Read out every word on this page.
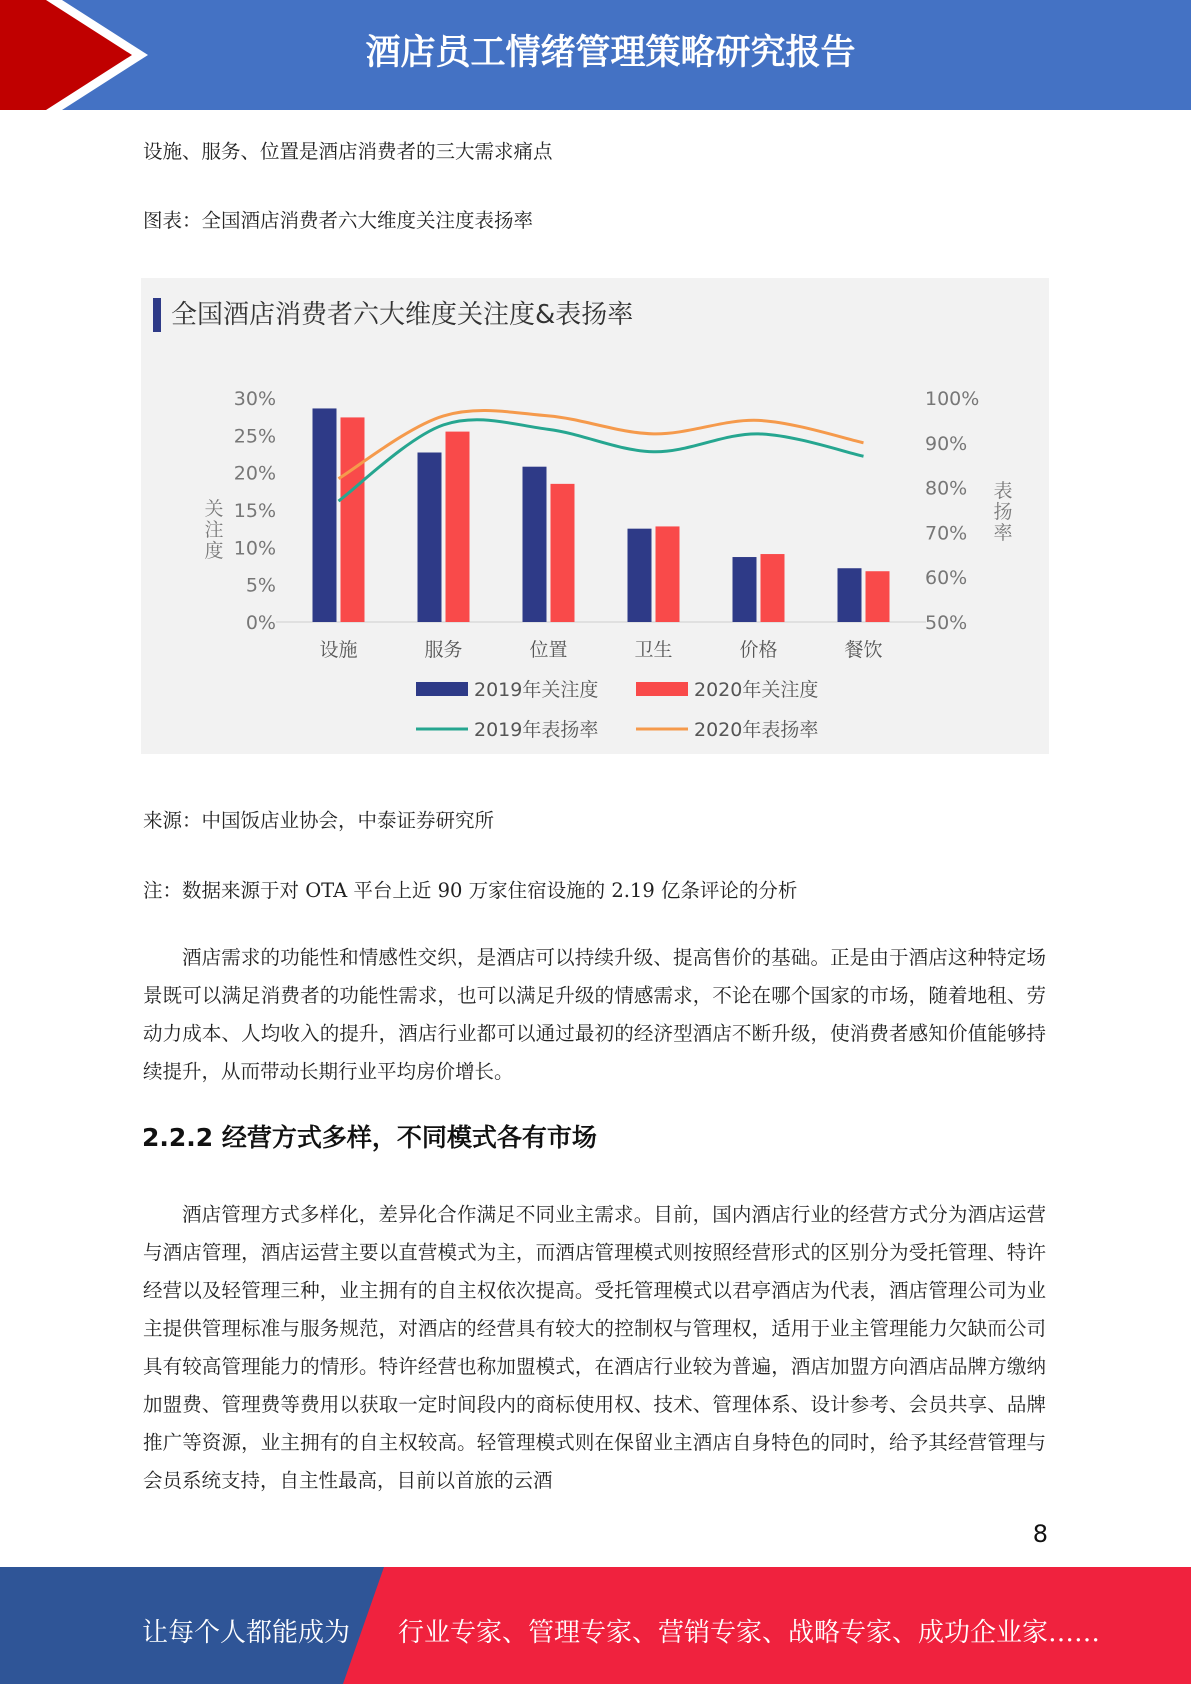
酒店员工情绪管理策略研究报告

设施、服务、位置是酒店消费者的三大需求痛点

图表：全国酒店消费者六大维度关注度表扬率

全国酒店消费者六大维度关注度&表扬率
0%
5%
10%
15%
20%
25%
30%
50%
60%
70%
80%
90%
100%
关
注
度
表
扬
率
设施	服务	位置	卫生	价格	餐饮
2019年关注度	2020年关注度
2019年表扬率	2020年表扬率

来源：中国饭店业协会，中泰证券研究所

注：数据来源于对 OTA 平台上近 90 万家住宿设施的 2.19 亿条评论的分析

酒店需求的功能性和情感性交织，是酒店可以持续升级、提高售价的基础。正是由于酒店这种特定场景既可以满足消费者的功能性需求，也可以满足升级的情感需求，不论在哪个国家的市场，随着地租、劳动力成本、人均收入的提升，酒店行业都可以通过最初的经济型酒店不断升级，使消费者感知价值能够持续提升，从而带动长期行业平均房价增长。

2.2.2 经营方式多样，不同模式各有市场

酒店管理方式多样化，差异化合作满足不同业主需求。目前，国内酒店行业的经营方式分为酒店运营与酒店管理，酒店运营主要以直营模式为主，而酒店管理模式则按照经营形式的区别分为受托管理、特许经营以及轻管理三种，业主拥有的自主权依次提高。受托管理模式以君亭酒店为代表，酒店管理公司为业主提供管理标准与服务规范，对酒店的经营具有较大的控制权与管理权，适用于业主管理能力欠缺而公司具有较高管理能力的情形。特许经营也称加盟模式，在酒店行业较为普遍，酒店加盟方向酒店品牌方缴纳加盟费、管理费等费用以获取一定时间段内的商标使用权、技术、管理体系、设计参考、会员共享、品牌推广等资源，业主拥有的自主权较高。轻管理模式则在保留业主酒店自身特色的同时，给予其经营管理与会员系统支持，自主性最高，目前以首旅的云酒

8
让每个人都能成为 行业专家、管理专家、营销专家、战略专家、成功企业家……
